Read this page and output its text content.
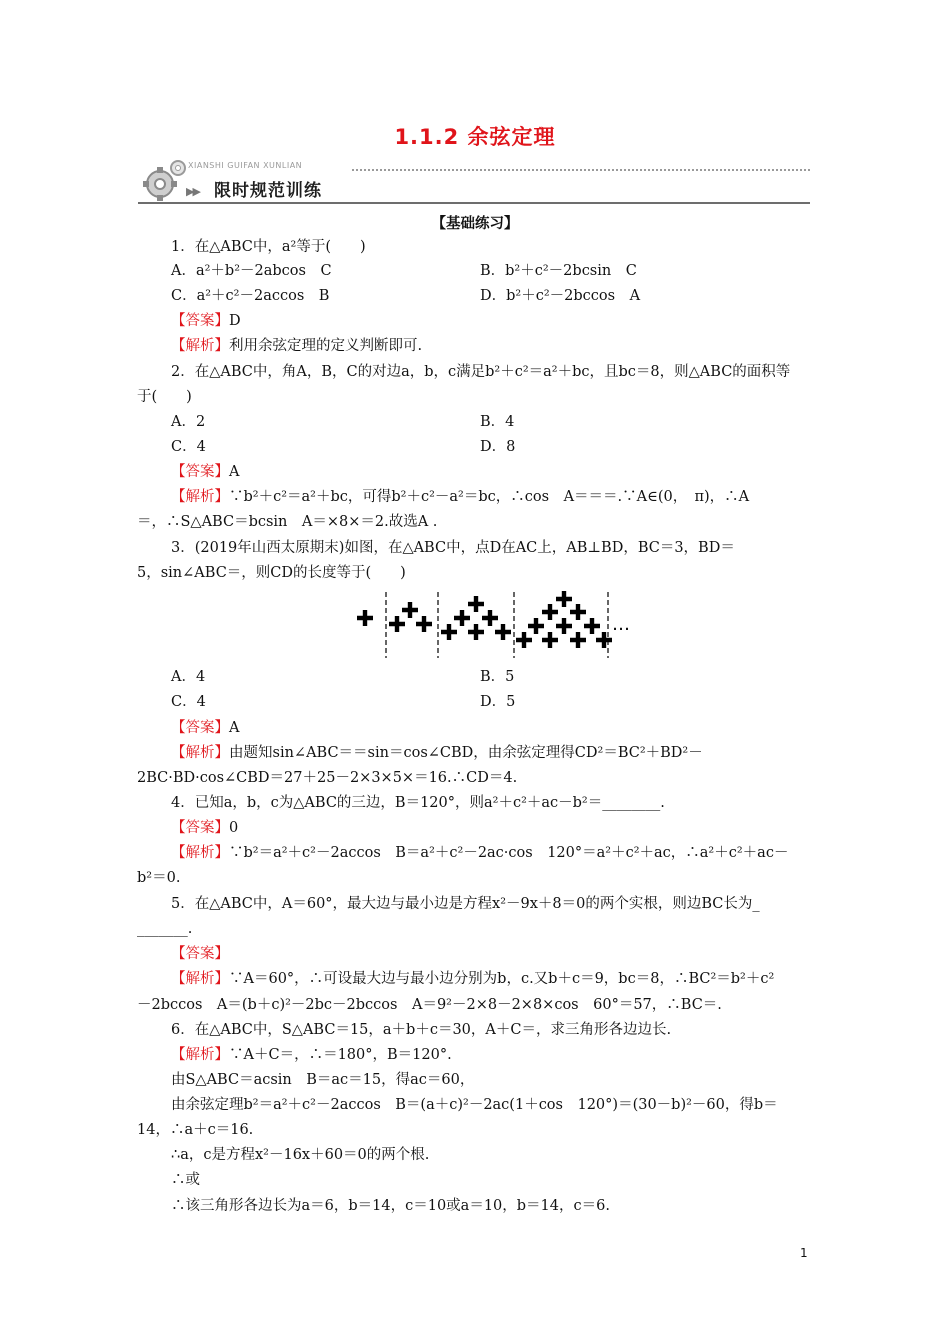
1.1.2 余弦定理
XIANSHI GUIFAN XUNLIAN
▶▶ 限时规范训练
【基础练习】
1．在△ABC中，a²等于(　　)
A．a²＋b²－2abcos　C	B．b²＋c²－2bcsin　C
C．a²＋c²－2accos　B	D．b²＋c²－2bccos　A
【答案】D
【解析】利用余弦定理的定义判断即可.
2．在△ABC中，角A，B，C的对边a，b，c满足b²＋c²＝a²＋bc，且bc＝8，则△ABC的面积等
于(　　)
A．2	B．4
C．4	D．8
【答案】A
【解析】∵b²＋c²＝a²＋bc，可得b²＋c²－a²＝bc，∴cos　A＝＝＝.∵A∈(0，　π)，∴A
＝，∴S△ABC＝bcsin　A＝×8×＝2.故选A .
3．(2019年山西太原期末)如图，在△ABC中，点D在AC上，AB⊥BD，BC＝3，BD＝
5，sin∠ABC＝，则CD的长度等于(　　)
…
A．4	B．5
C．4	D．5
【答案】A
【解析】由题知sin∠ABC＝＝sin＝cos∠CBD，由余弦定理得CD²＝BC²＋BD²－
2BC·BD·cos∠CBD＝27＋25－2×3×5×＝16.∴CD＝4.
4．已知a，b，c为△ABC的三边，B＝120°，则a²＋c²＋ac－b²＝________.
【答案】0
【解析】∵b²＝a²＋c²－2accos　B＝a²＋c²－2ac·cos　120°＝a²＋c²＋ac，∴a²＋c²＋ac－
b²＝0.
5．在△ABC中，A＝60°，最大边与最小边是方程x²－9x＋8＝0的两个实根，则边BC长为_
_______.
【答案】
【解析】∵A＝60°，∴可设最大边与最小边分别为b，c.又b＋c＝9，bc＝8，∴BC²＝b²＋c²
－2bccos　A＝(b＋c)²－2bc－2bccos　A＝9²－2×8－2×8×cos　60°＝57，∴BC＝.
6．在△ABC中，S△ABC＝15，a＋b＋c＝30，A＋C＝，求三角形各边边长.
【解析】∵A＋C＝，∴＝180°，B＝120°.
由S△ABC＝acsin　B＝ac＝15，得ac＝60，
由余弦定理b²＝a²＋c²－2accos　B＝(a＋c)²－2ac(1＋cos　120°)＝(30－b)²－60，得b＝
14，∴a＋c＝16.
∴a，c是方程x²－16x＋60＝0的两个根.
∴或
∴该三角形各边长为a＝6，b＝14，c＝10或a＝10，b＝14，c＝6.
1
